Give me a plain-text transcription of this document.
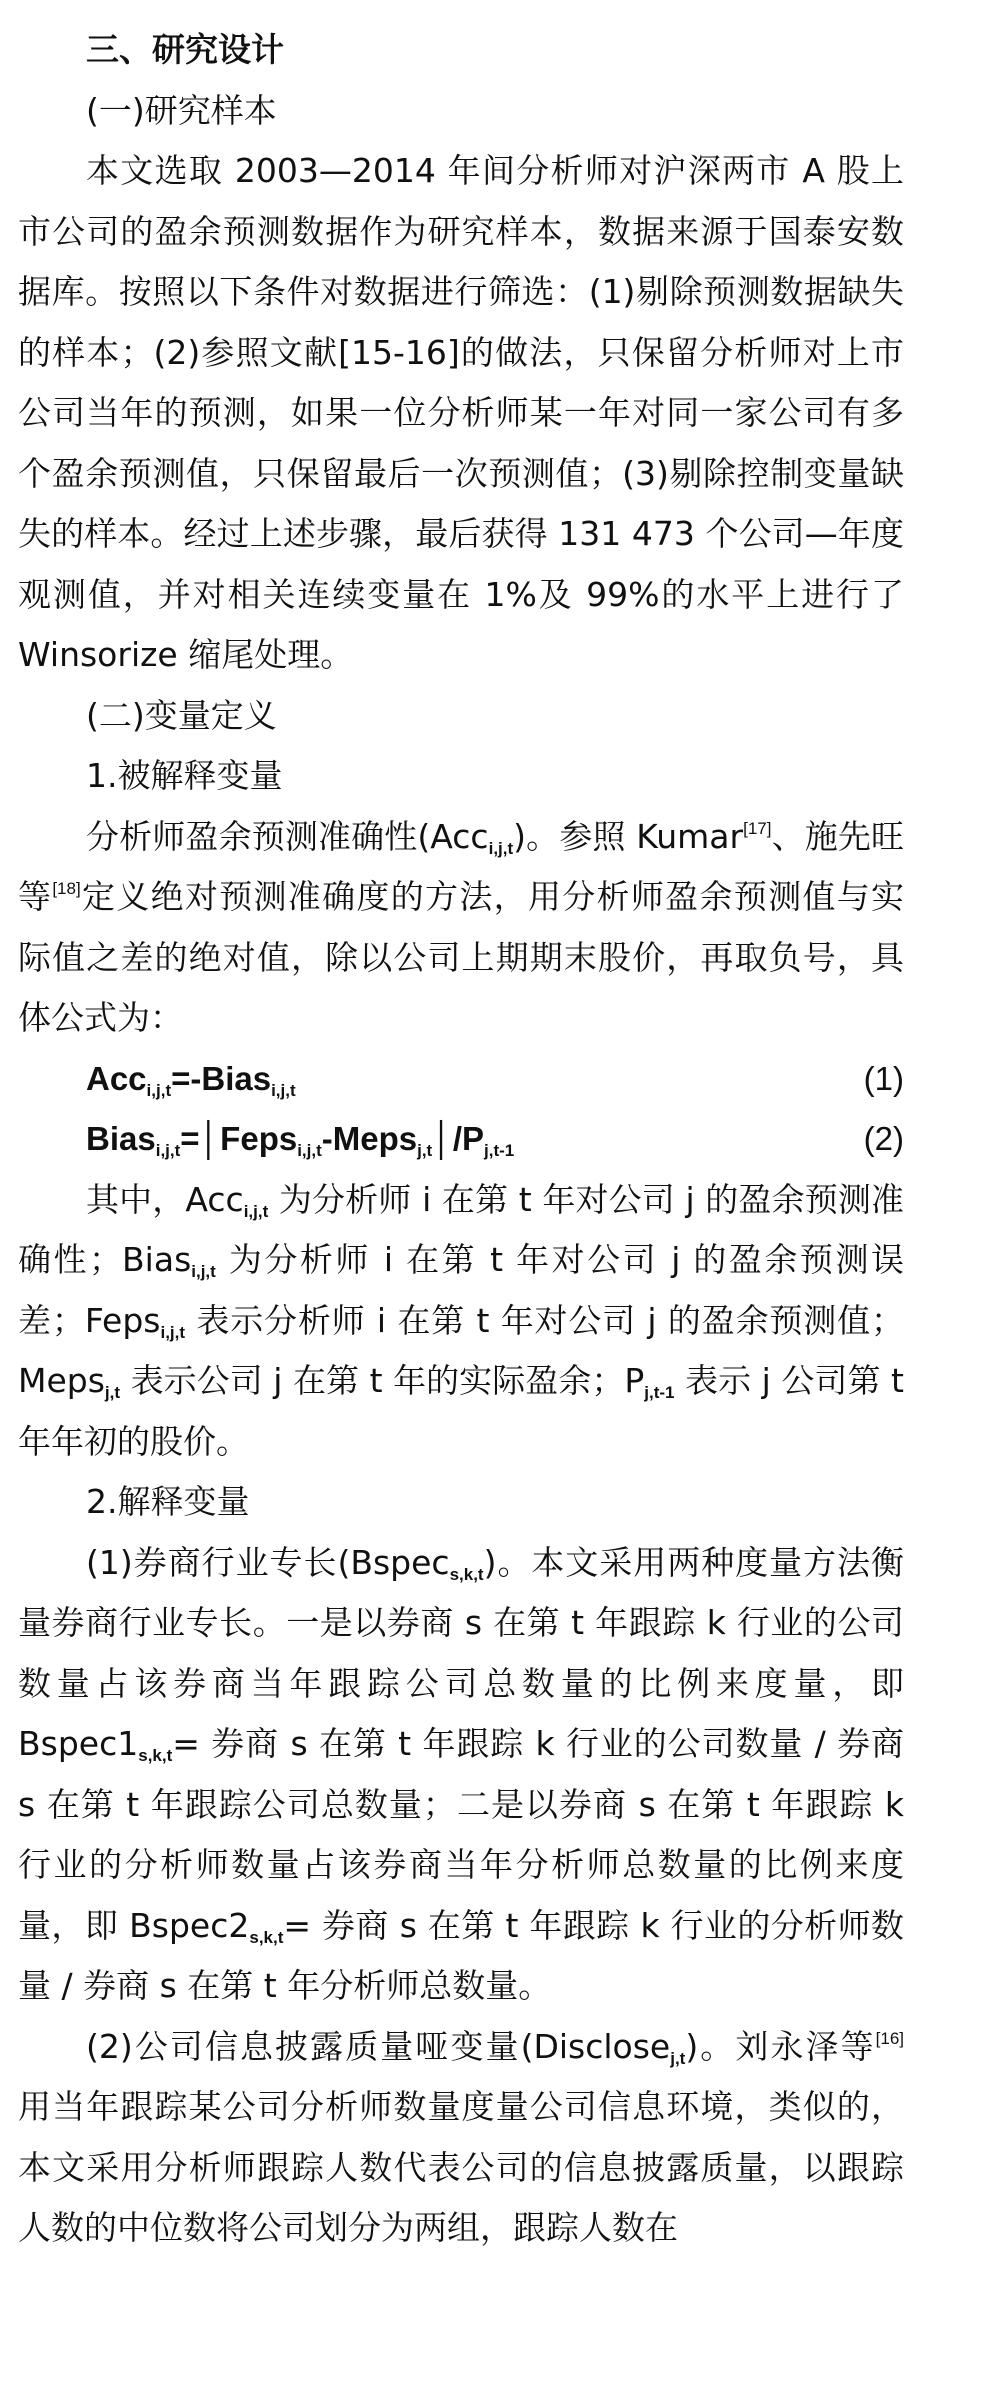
三、研究设计

(一)研究样本

本文选取 2003—2014 年间分析师对沪深两市 A 股上市公司的盈余预测数据作为研究样本，数据来源于国泰安数据库。按照以下条件对数据进行筛选：(1)剔除预测数据缺失的样本；(2)参照文献[15-16]的做法，只保留分析师对上市公司当年的预测，如果一位分析师某一年对同一家公司有多个盈余预测值，只保留最后一次预测值；(3)剔除控制变量缺失的样本。经过上述步骤，最后获得 131 473 个公司—年度观测值，并对相关连续变量在 1%及 99%的水平上进行了 Winsorize 缩尾处理。

(二)变量定义

1.被解释变量

分析师盈余预测准确性(Acc$_{i,j,t}$)。参照 Kumar[17]、施先旺等[18]定义绝对预测准确度的方法，用分析师盈余预测值与实际值之差的绝对值，除以公司上期期末股价，再取负号，具体公式为：

Acc$_{i,j,t}$=-Bias$_{i,j,t}$	(1)
$Bias_{i,j,t}=│Feps_{i,j,t}-Meps_{j,t}│/P_{j,t-1}$	(2)

其中，Acc$_{i,j,t}$ 为分析师 i 在第 t 年对公司 j 的盈余预测准确性；Bias$_{i,j,t}$ 为分析师 i 在第 t 年对公司 j 的盈余预测误差；Feps$_{i,j,t}$ 表示分析师 i 在第 t 年对公司 j 的盈余预测值；Meps$_{j,t}$ 表示公司 j 在第 t 年的实际盈余；$P_{j,t-1}$ 表示 j 公司第 t 年年初的股价。

2.解释变量

(1)券商行业专长(Bspec$_{s,k,t}$)。本文采用两种度量方法衡量券商行业专长。一是以券商 s 在第 t 年跟踪 k 行业的公司数量占该券商当年跟踪公司总数量的比例来度量，即 $Bspec1_{s,k,t}=$ 券商 s 在第 t 年跟踪 k 行业的公司数量 / 券商 s 在第 t 年跟踪公司总数量；二是以券商 s 在第 t 年跟踪 k 行业的分析师数量占该券商当年分析师总数量的比例来度量，即 $Bspec2_{s,k,t}=$ 券商 s 在第 t 年跟踪 k 行业的分析师数量 / 券商 s 在第 t 年分析师总数量。

(2)公司信息披露质量哑变量(Disclose$_{j,t}$)。刘永泽等[16] 用当年跟踪某公司分析师数量度量公司信息环境，类似的，本文采用分析师跟踪人数代表公司的信息披露质量，以跟踪人数的中位数将公司划分为两组，跟踪人数在
